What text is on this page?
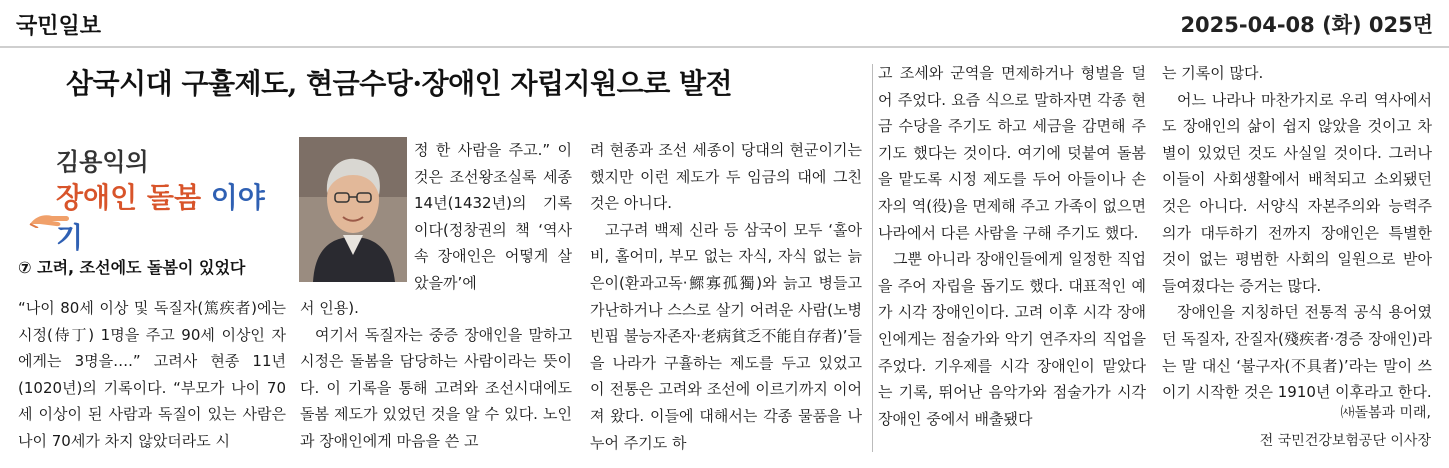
국민일보	2025-04-08 (화) 025면
삼국시대 구휼제도, 현금수당·장애인 자립지원으로 발전
김용익의
장애인 돌봄 이야기
⑦ 고려, 조선에도 돌봄이 있었다

“나이 80세 이상 및 독질자(篤疾者)에는 시정(侍丁) 1명을 주고 90세 이상인 자에게는 3명을….” 고려사 현종 11년(1020년)의 기록이다. “부모가 나이 70세 이상이 된 사람과 독질이 있는 사람은 나이 70세가 차지 않았더라도 시

정 한 사람을 주고.” 이것은 조선왕조실록 세종 14년(1432년)의 기록이다(정창권의 책 ‘역사 속 장애인은 어떻게 살았을까’에

서 인용).

여기서 독질자는 중증 장애인을 말하고 시정은 돌봄을 담당하는 사람이라는 뜻이다. 이 기록을 통해 고려와 조선시대에도 돌봄 제도가 있었던 것을 알 수 있다. 노인과 장애인에게 마음을 쓴 고

려 현종과 조선 세종이 당대의 현군이기는 했지만 이런 제도가 두 임금의 대에 그친 것은 아니다.

고구려 백제 신라 등 삼국이 모두 ‘홀아비, 홀어미, 부모 없는 자식, 자식 없는 늙은이(환과고독·鰥寡孤獨)와 늙고 병들고 가난하거나 스스로 살기 어려운 사람(노병빈핍 불능자존자·老病貧乏不能自存者)’들을 나라가 구휼하는 제도를 두고 있었고 이 전통은 고려와 조선에 이르기까지 이어져 왔다. 이들에 대해서는 각종 물품을 나누어 주기도 하

고 조세와 군역을 면제하거나 형벌을 덜어 주었다. 요즘 식으로 말하자면 각종 현금 수당을 주기도 하고 세금을 감면해 주기도 했다는 것이다. 여기에 덧붙여 돌봄을 맡도록 시정 제도를 두어 아들이나 손자의 역(役)을 면제해 주고 가족이 없으면 나라에서 다른 사람을 구해 주기도 했다.

그뿐 아니라 장애인들에게 일정한 직업을 주어 자립을 돕기도 했다. 대표적인 예가 시각 장애인이다. 고려 이후 시각 장애인에게는 점술가와 악기 연주자의 직업을 주었다. 기우제를 시각 장애인이 맡았다는 기록, 뛰어난 음악가와 점술가가 시각 장애인 중에서 배출됐다

는 기록이 많다.

어느 나라나 마찬가지로 우리 역사에서도 장애인의 삶이 쉽지 않았을 것이고 차별이 있었던 것도 사실일 것이다. 그러나 이들이 사회생활에서 배척되고 소외됐던 것은 아니다. 서양식 자본주의와 능력주의가 대두하기 전까지 장애인은 특별한 것이 없는 평범한 사회의 일원으로 받아들여졌다는 증거는 많다.

장애인을 지칭하던 전통적 공식 용어였던 독질자, 잔질자(殘疾者·경증 장애인)라는 말 대신 ‘불구자(不具者)’라는 말이 쓰이기 시작한 것은 1910년 이후라고 한다.

㈔돌봄과 미래,
전 국민건강보험공단 이사장
